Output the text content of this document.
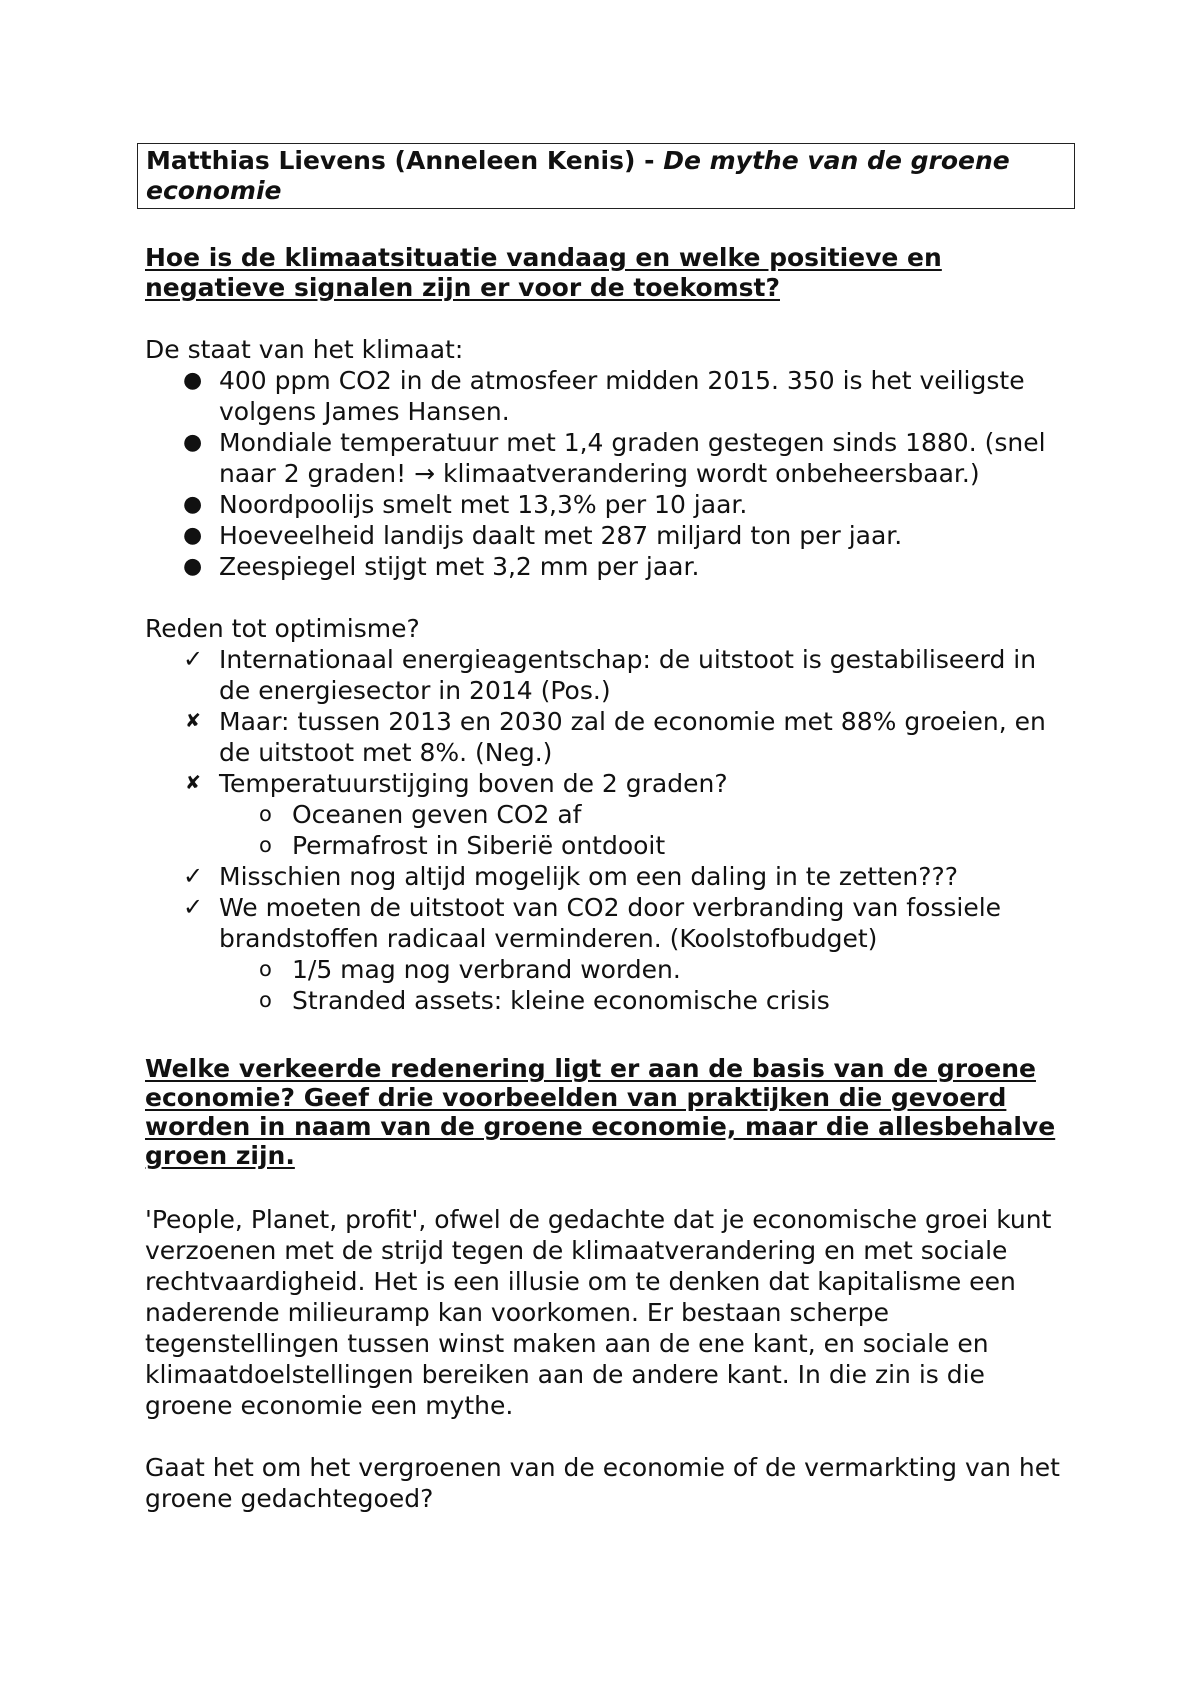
Matthias Lievens (Anneleen Kenis) - De mythe van de groene economie
Hoe is de klimaatsituatie vandaag en welke positieve en negatieve signalen zijn er voor de toekomst?
De staat van het klimaat:
● 400 ppm CO2 in de atmosfeer midden 2015. 350 is het veiligste volgens James Hansen.
● Mondiale temperatuur met 1,4 graden gestegen sinds 1880. (snel naar 2 graden! → klimaatverandering wordt onbeheersbaar.)
● Noordpoolijs smelt met 13,3% per 10 jaar.
● Hoeveelheid landijs daalt met 287 miljard ton per jaar.
● Zeespiegel stijgt met 3,2 mm per jaar.
Reden tot optimisme?
✓ Internationaal energieagentschap: de uitstoot is gestabiliseerd in de energiesector in 2014 (Pos.)
✘ Maar: tussen 2013 en 2030 zal de economie met 88% groeien, en de uitstoot met 8%. (Neg.)
✘ Temperatuurstijging boven de 2 graden?
o Oceanen geven CO2 af
o Permafrost in Siberië ontdooit
✓ Misschien nog altijd mogelijk om een daling in te zetten???
✓ We moeten de uitstoot van CO2 door verbranding van fossiele brandstoffen radicaal verminderen. (Koolstofbudget)
o 1/5 mag nog verbrand worden.
o Stranded assets: kleine economische crisis
Welke verkeerde redenering ligt er aan de basis van de groene economie? Geef drie voorbeelden van praktijken die gevoerd worden in naam van de groene economie, maar die allesbehalve groen zijn.
'People, Planet, profit', ofwel de gedachte dat je economische groei kunt verzoenen met de strijd tegen de klimaatverandering en met sociale rechtvaardigheid. Het is een illusie om te denken dat kapitalisme een naderende milieuramp kan voorkomen. Er bestaan scherpe tegenstellingen tussen winst maken aan de ene kant, en sociale en klimaatdoelstellingen bereiken aan de andere kant. In die zin is die groene economie een mythe.
Gaat het om het vergroenen van de economie of de vermarkting van het groene gedachtegoed?
